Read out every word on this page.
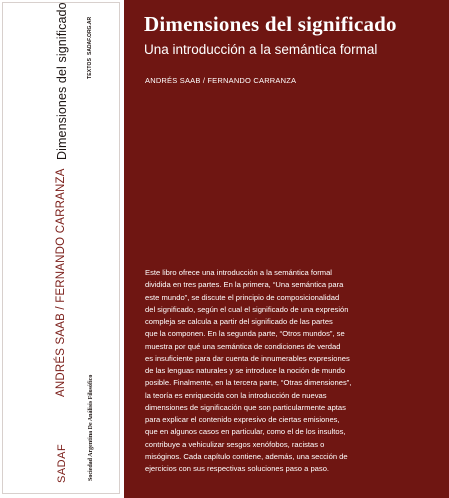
SADAF
ANDRÉS SAAB / FERNANDO CARRANZA
Dimensiones del significado
Sociedad Argentina De Análisis Filosófico
TEXTOS
SADAF.ORG.AR Dimensiones del significado
Una introducción a la semántica formal
ANDRÉS SAAB / FERNANDO CARRANZA
Este libro ofrece una introducción a la semántica formal
dividida en tres partes. En la primera, “Una semántica para
este mundo”, se discute el principio de composicionalidad
del significado, según el cual el significado de una expresión
compleja se calcula a partir del significado de las partes
que la componen. En la segunda parte, “Otros mundos”, se
muestra por qué una semántica de condiciones de verdad
es insuficiente para dar cuenta de innumerables expresiones
de las lenguas naturales y se introduce la noción de mundo
posible. Finalmente, en la tercera parte, “Otras dimensiones”,
la teoría es enriquecida con la introducción de nuevas
dimensiones de significación que son particularmente aptas
para explicar el contenido expresivo de ciertas emisiones,
que en algunos casos en particular, como el de los insultos,
contribuye a vehiculizar sesgos xenófobos, racistas o
misóginos. Cada capítulo contiene, además, una sección de
ejercicios con sus respectivas soluciones paso a paso.
